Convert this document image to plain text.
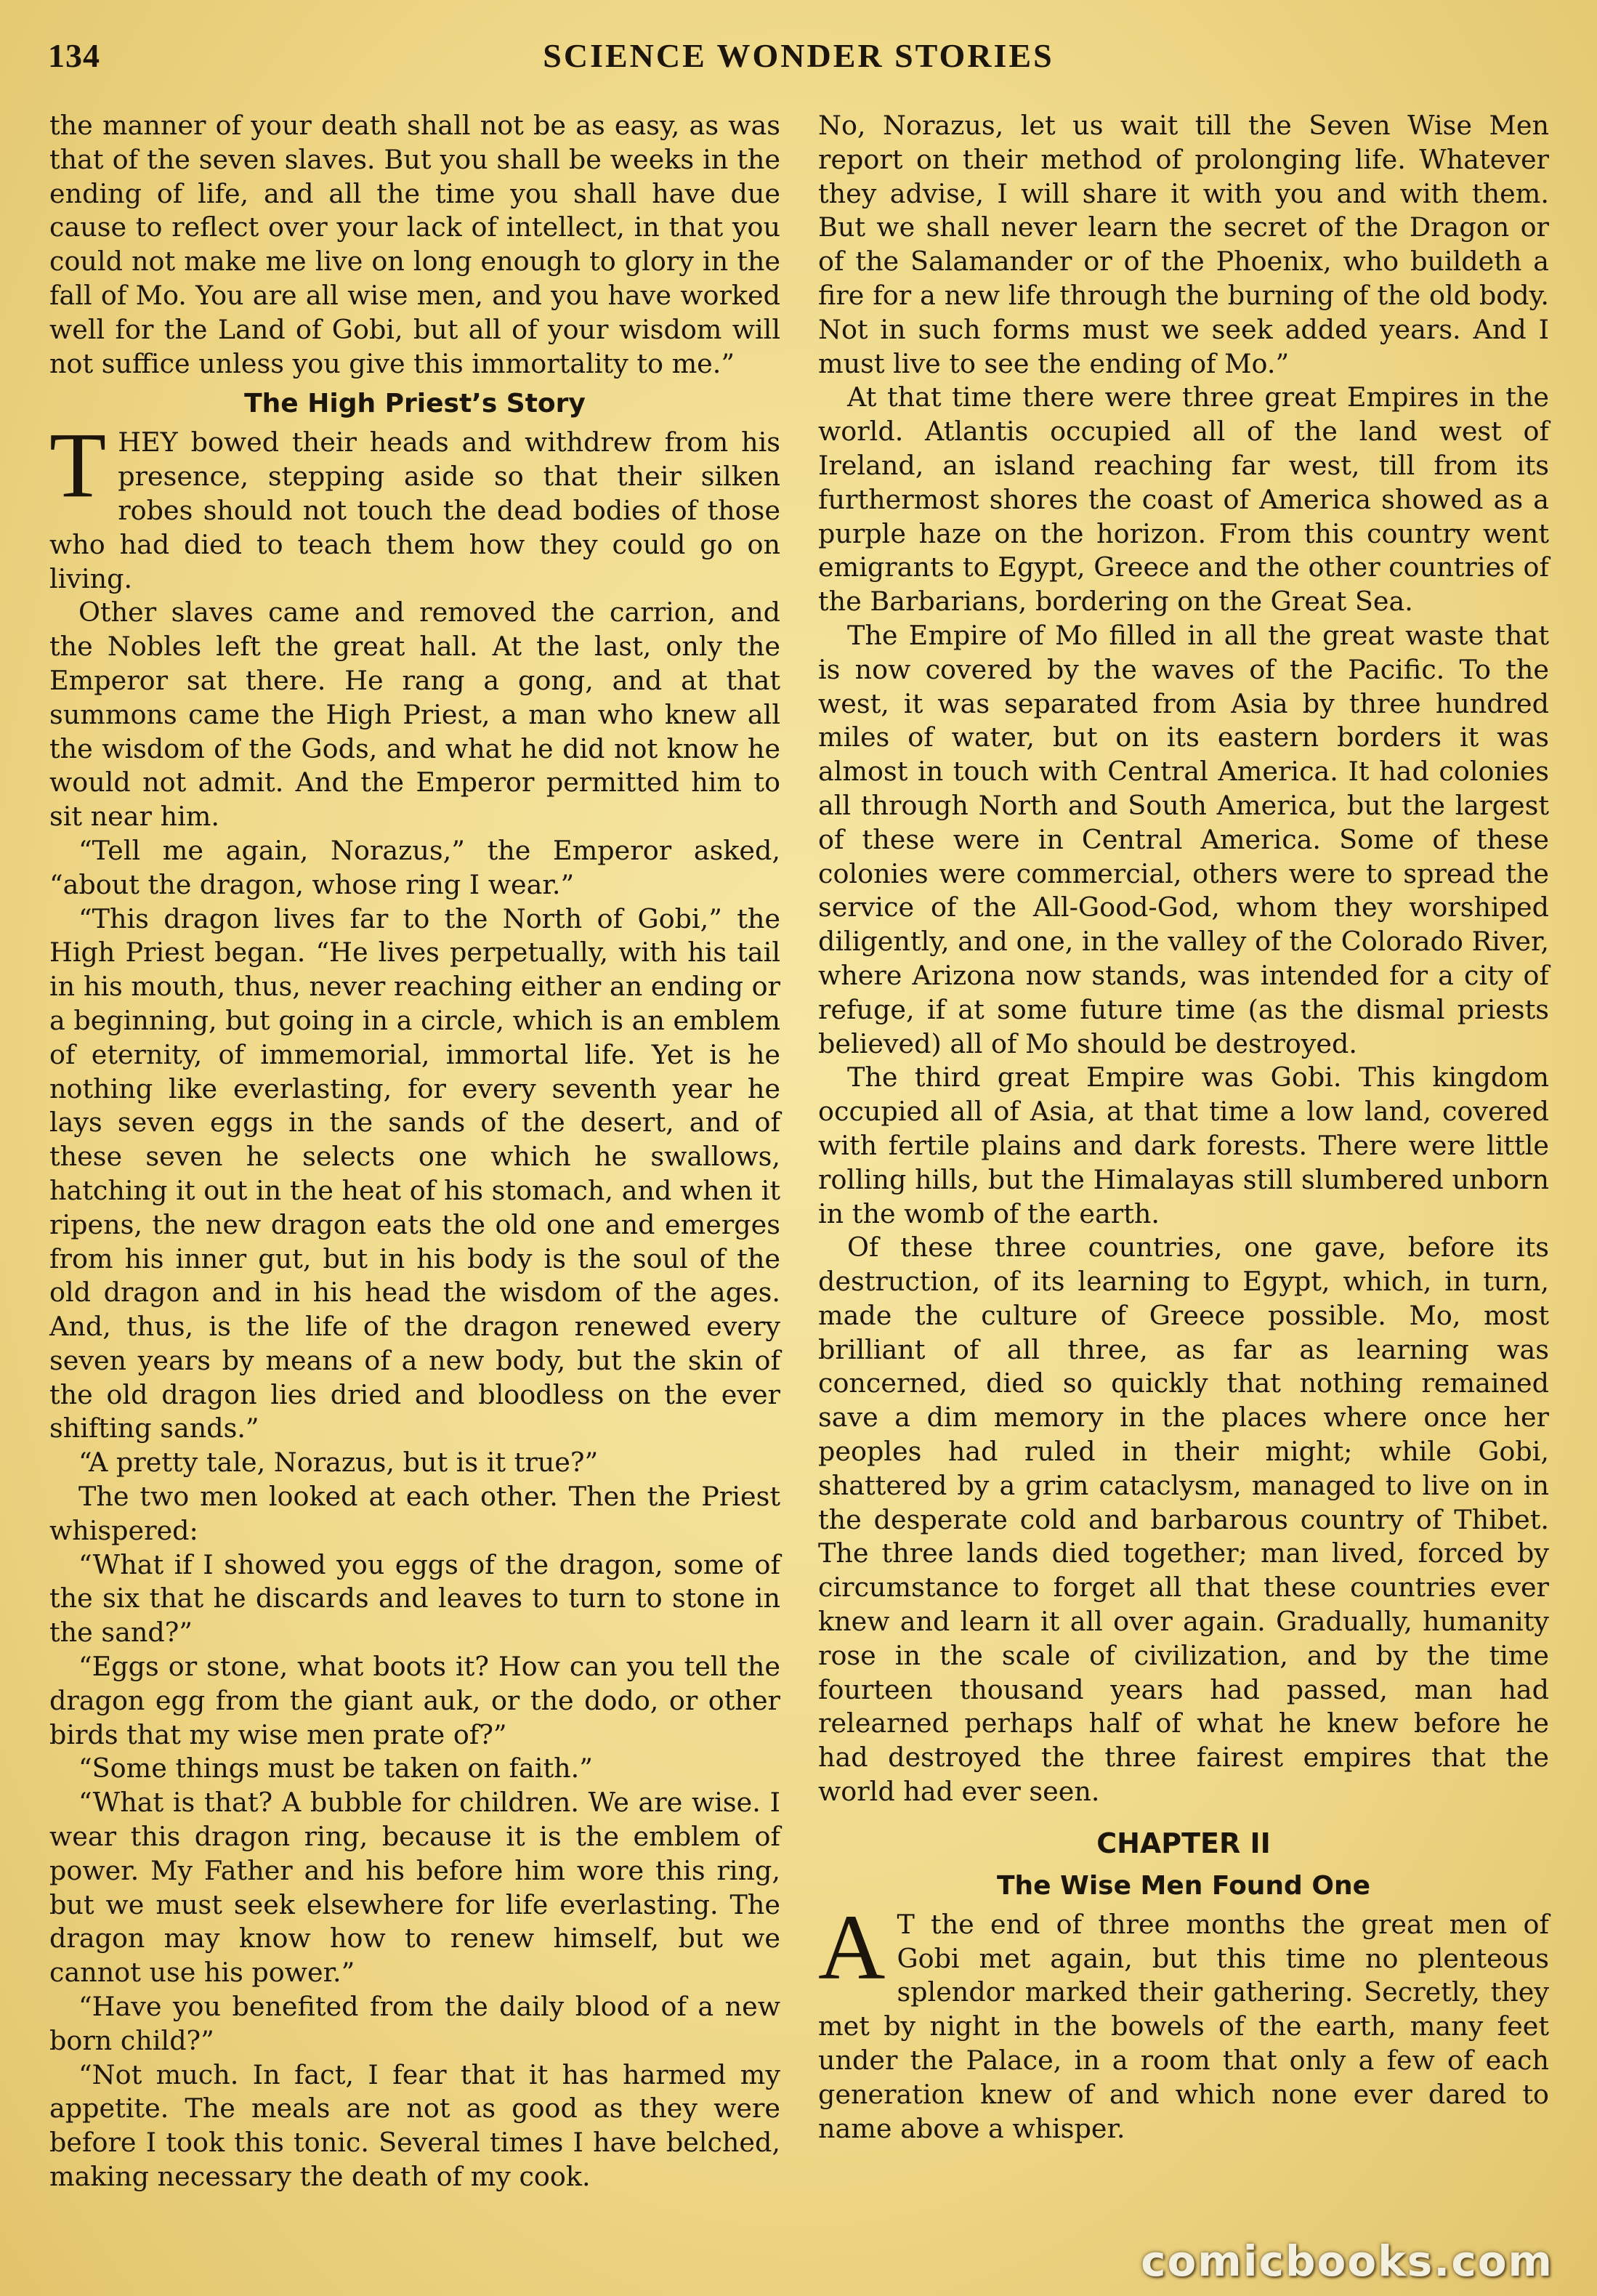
134	SCIENCE WONDER STORIES

the manner of your death shall not be as easy, as was that of the seven slaves. But you shall be weeks in the ending of life, and all the time you shall have due cause to reflect over your lack of intellect, in that you could not make me live on long enough to glory in the fall of Mo. You are all wise men, and you have worked well for the Land of Gobi, but all of your wisdom will not suffice unless you give this immortality to me.”

The High Priest’s Story

THEY bowed their heads and withdrew from his presence, stepping aside so that their silken robes should not touch the dead bodies of those who had died to teach them how they could go on living.

Other slaves came and removed the carrion, and the Nobles left the great hall. At the last, only the Emperor sat there. He rang a gong, and at that summons came the High Priest, a man who knew all the wisdom of the Gods, and what he did not know he would not admit. And the Emperor permitted him to sit near him.

“Tell me again, Norazus,” the Emperor asked, “about the dragon, whose ring I wear.”

“This dragon lives far to the North of Gobi,” the High Priest began. “He lives perpetually, with his tail in his mouth, thus, never reaching either an ending or a beginning, but going in a circle, which is an emblem of eternity, of immemorial, immortal life. Yet is he nothing like everlasting, for every seventh year he lays seven eggs in the sands of the desert, and of these seven he selects one which he swallows, hatching it out in the heat of his stomach, and when it ripens, the new dragon eats the old one and emerges from his inner gut, but in his body is the soul of the old dragon and in his head the wisdom of the ages. And, thus, is the life of the dragon renewed every seven years by means of a new body, but the skin of the old dragon lies dried and bloodless on the ever shifting sands.”

“A pretty tale, Norazus, but is it true?”

The two men looked at each other. Then the Priest whispered:

“What if I showed you eggs of the dragon, some of the six that he discards and leaves to turn to stone in the sand?”

“Eggs or stone, what boots it? How can you tell the dragon egg from the giant auk, or the dodo, or other birds that my wise men prate of?”

“Some things must be taken on faith.”

“What is that? A bubble for children. We are wise. I wear this dragon ring, because it is the emblem of power. My Father and his before him wore this ring, but we must seek elsewhere for life everlasting. The dragon may know how to renew himself, but we cannot use his power.”

“Have you benefited from the daily blood of a new born child?”

“Not much. In fact, I fear that it has harmed my appetite. The meals are not as good as they were before I took this tonic. Several times I have belched, making necessary the death of my cook.

No, Norazus, let us wait till the Seven Wise Men report on their method of prolonging life. Whatever they advise, I will share it with you and with them. But we shall never learn the secret of the Dragon or of the Salamander or of the Phoenix, who buildeth a fire for a new life through the burning of the old body. Not in such forms must we seek added years. And I must live to see the ending of Mo.”

At that time there were three great Empires in the world. Atlantis occupied all of the land west of Ireland, an island reaching far west, till from its furthermost shores the coast of America showed as a purple haze on the horizon. From this country went emigrants to Egypt, Greece and the other countries of the Barbarians, bordering on the Great Sea.

The Empire of Mo filled in all the great waste that is now covered by the waves of the Pacific. To the west, it was separated from Asia by three hundred miles of water, but on its eastern borders it was almost in touch with Central America. It had colonies all through North and South America, but the largest of these were in Central America. Some of these colonies were commercial, others were to spread the service of the All-Good-God, whom they worshiped diligently, and one, in the valley of the Colorado River, where Arizona now stands, was intended for a city of refuge, if at some future time (as the dismal priests believed) all of Mo should be destroyed.

The third great Empire was Gobi. This kingdom occupied all of Asia, at that time a low land, covered with fertile plains and dark forests. There were little rolling hills, but the Himalayas still slumbered unborn in the womb of the earth.

Of these three countries, one gave, before its destruction, of its learning to Egypt, which, in turn, made the culture of Greece possible. Mo, most brilliant of all three, as far as learning was concerned, died so quickly that nothing remained save a dim memory in the places where once her peoples had ruled in their might; while Gobi, shattered by a grim cataclysm, managed to live on in the desperate cold and barbarous country of Thibet. The three lands died together; man lived, forced by circumstance to forget all that these countries ever knew and learn it all over again. Gradually, humanity rose in the scale of civilization, and by the time fourteen thousand years had passed, man had relearned perhaps half of what he knew before he had destroyed the three fairest empires that the world had ever seen.

CHAPTER II
The Wise Men Found One

A T the end of three months the great men of Gobi met again, but this time no plenteous splendor marked their gathering. Secretly, they met by night in the bowels of the earth, many feet under the Palace, in a room that only a few of each generation knew of and which none ever dared to name above a whisper.

comicbooks.com
